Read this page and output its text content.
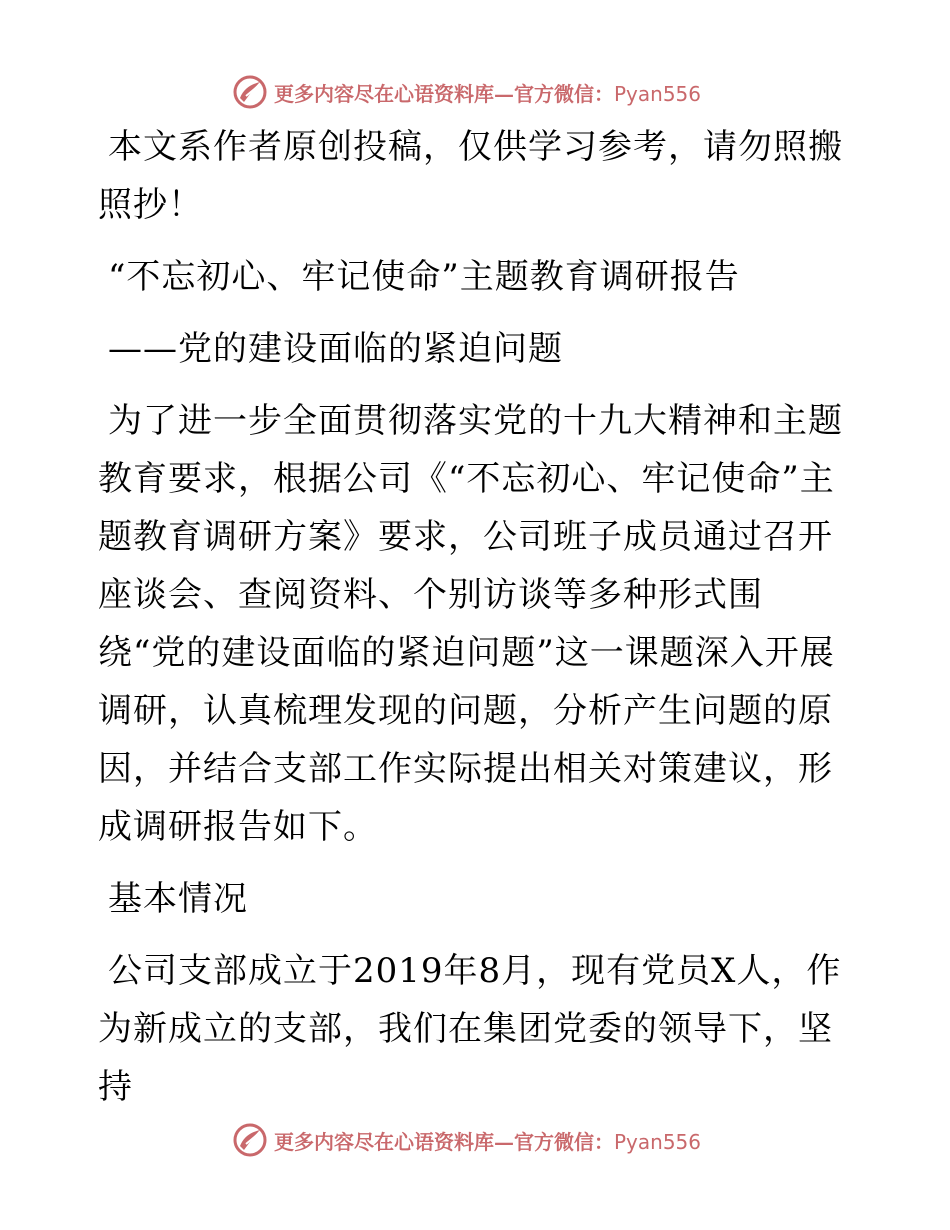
更多内容尽在心语资料库—官方微信：Pyan556

本文系作者原创投稿，仅供学习参考，请勿照搬照抄！

“不忘初心、牢记使命”主题教育调研报告

——党的建设面临的紧迫问题

为了进一步全面贯彻落实党的十九大精神和主题教育要求，根据公司《“不忘初心、牢记使命”主题教育调研方案》要求，公司班子成员通过召开座谈会、查阅资料、个别访谈等多种形式围绕“党的建设面临的紧迫问题”这一课题深入开展调研，认真梳理发现的问题，分析产生问题的原因，并结合支部工作实际提出相关对策建议，形成调研报告如下。

基本情况

公司支部成立于2019年8月，现有党员X人，作为新成立的支部，我们在集团党委的领导下，坚持

更多内容尽在心语资料库—官方微信：Pyan556
